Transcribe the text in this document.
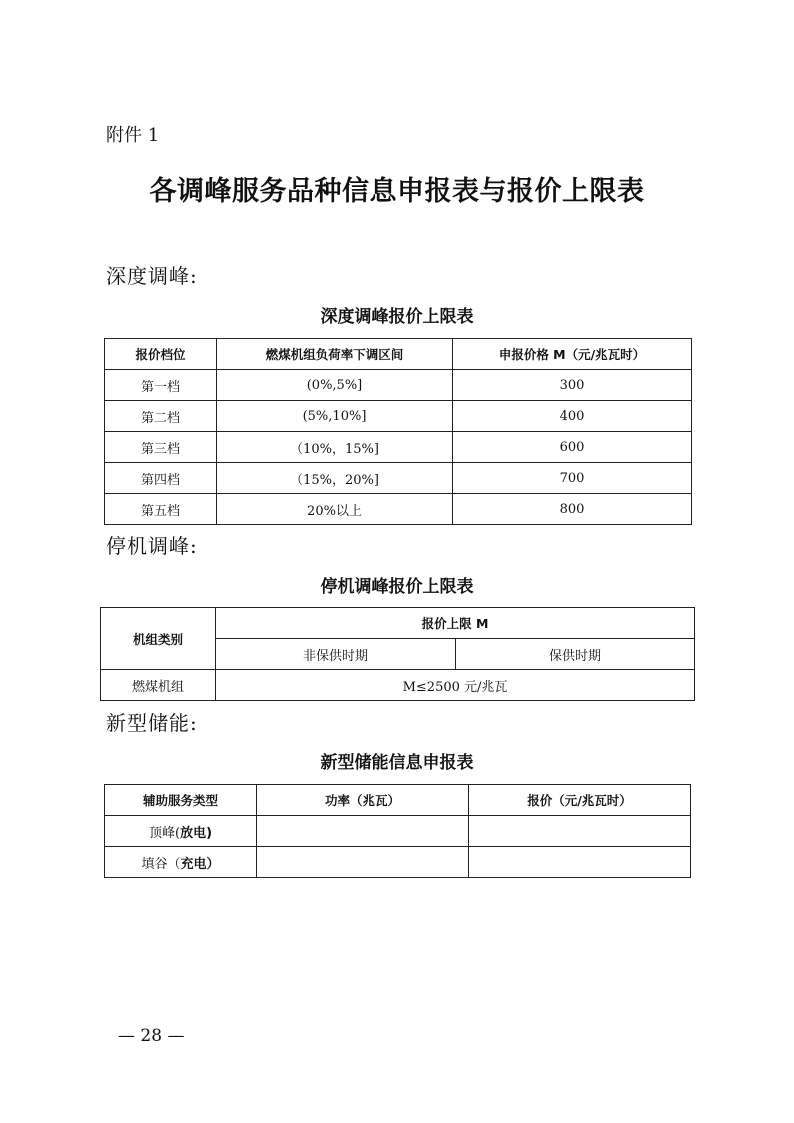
附件 1
各调峰服务品种信息申报表与报价上限表
深度调峰:
深度调峰报价上限表
报价档位	燃煤机组负荷率下调区间	申报价格 M（元/兆瓦时）
第一档	(0%,5%]	300
第二档	(5%,10%]	400
第三档	（10%，15%]	600
第四档	（15%，20%]	700
第五档	20%以上	800
停机调峰:
停机调峰报价上限表
机组类别	报价上限 M	
	非保供时期	保供时期
燃煤机组	M≤2500 元/兆瓦	
新型储能:
新型储能信息申报表
辅助服务类型	功率（兆瓦）	报价（元/兆瓦时）
顶峰(放电)		
填谷（充电）		
— 28 —
